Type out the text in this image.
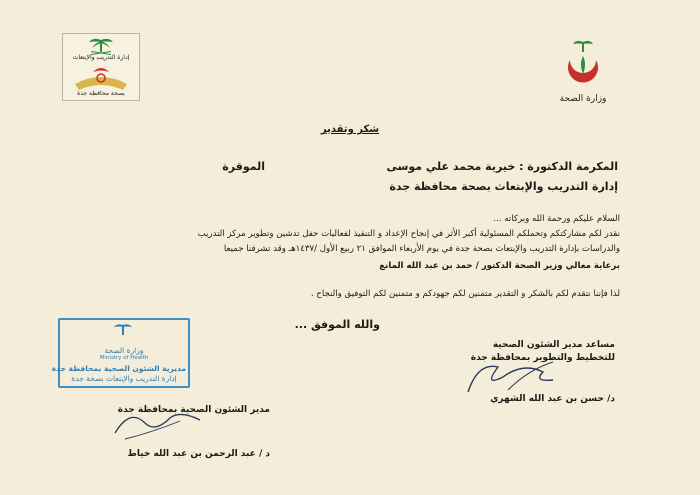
إدارة التدريب والإبتعاث
بصحة محافظة جدة
وزارة الصحة
شكر وتقدير
المكرمة الدكتورة : خيرية محمد علي موسى
الموقرة
إدارة التدريب والإبتعاث بصحة محافظة جدة
السلام عليكم ورحمة الله وبركاته ...
نقدر لكم مشاركتكم وتحملكم المسئولية أكبر الأثر في إنجاح الإعداد و التنفيذ لفعاليات حفل تدشين وتطوير مركز التدريب
والدراسات بإدارة التدريب والإبتعاث بصحة جدة في يوم الأربعاء الموافق ٢١ ربيع الأول /١٤٣٧هـ وقد تشرفنا جميعا
برعاية معالي وزير الصحة الدكتور / حمد بن عبد الله المانع
لذا فإننا نتقدم لكم بالشكر و التقدير متمنين لكم جهودكم و متمنين لكم التوفيق والنجاح .
والله الموفق ...
مساعد مدير الشئون الصحية
للتخطيط والتطوير بمحافظة جدة
د/ حسن بن عبد الله الشهري
وزارة الصحة
Ministry of Health
مديرية الشئون الصحية بمحافظة جدة
إدارة التدريب والإبتعاث بصحة جدة
مدير الشئون الصحية بمحافظة جدة
د / عبد الرحمن بن عبد الله خياط
